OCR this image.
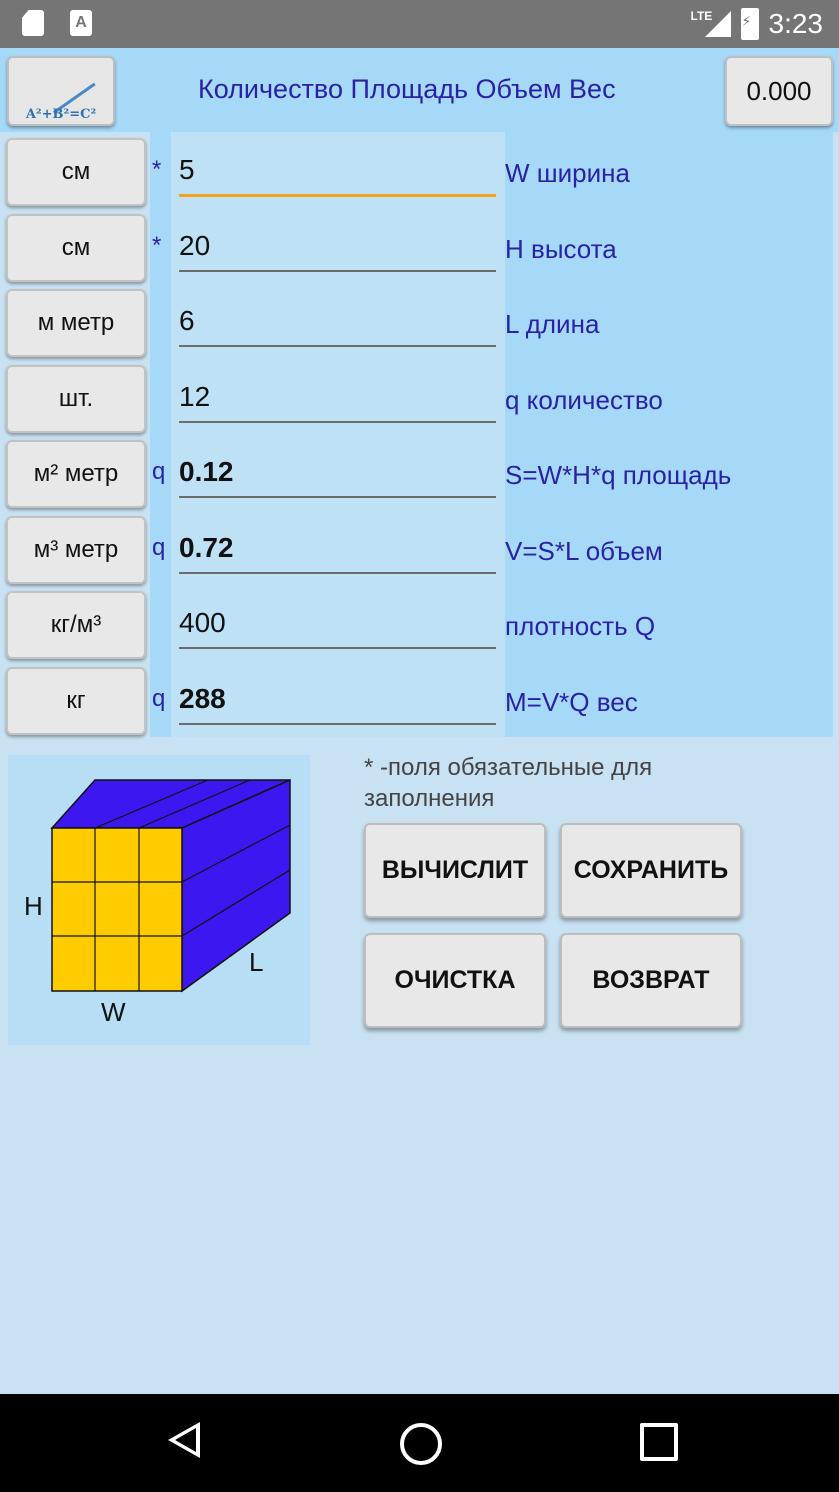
A	LTE
⚡ 3:23
A²+B²=C²
Количество Площадь Объем Вес	0.000
см	* 5	W ширина
см	* 20	H высота
м метр	6	L длина
шт.	12	q количество
м² метр	q 0.12	S=W*H*q площадь
м³ метр	q 0.72	V=S*L объем
кг/м³	400	плотность Q
кг	q 288	M=V*Q вес
H
W
L
* -поля обязательные для заполнения
ВЫЧИСЛИТ	СОХРАНИТЬ
ОЧИСТКА	ВОЗВРАТ
